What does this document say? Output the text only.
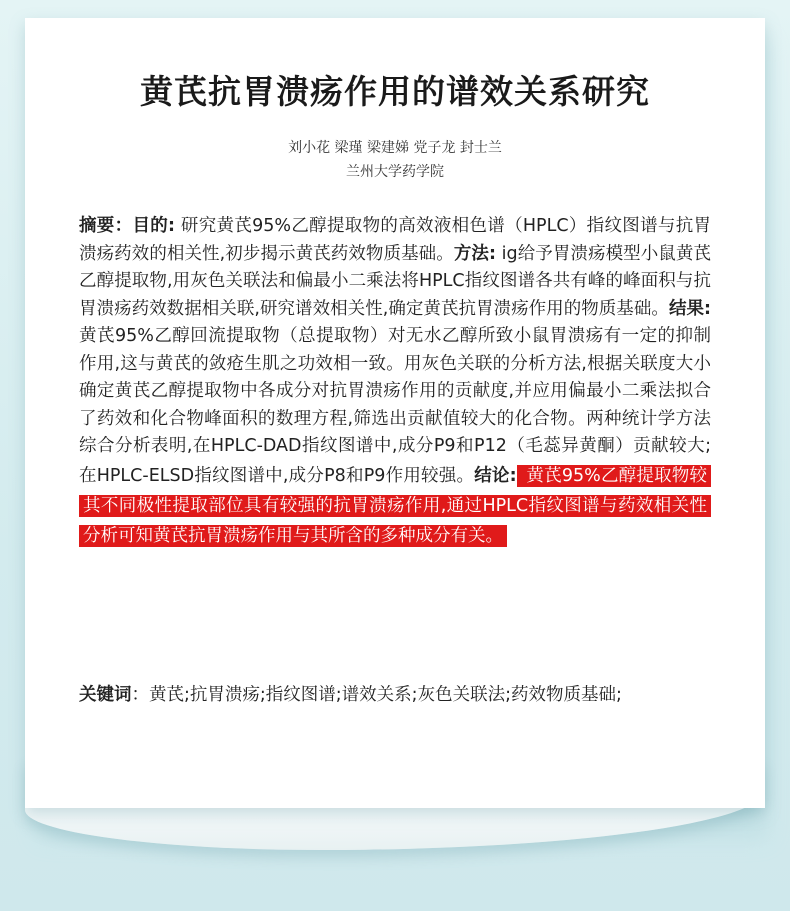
黄芪抗胃溃疡作用的谱效关系研究
刘小花 梁瑾 梁建娣 党子龙 封士兰
兰州大学药学院
摘要：目的: 研究黄芪95%乙醇提取物的高效液相色谱（HPLC）指纹图谱与抗胃溃疡药效的相关性,初步揭示黄芪药效物质基础。方法: ig给予胃溃疡模型小鼠黄芪乙醇提取物,用灰色关联法和偏最小二乘法将HPLC指纹图谱各共有峰的峰面积与抗胃溃疡药效数据相关联,研究谱效相关性,确定黄芪抗胃溃疡作用的物质基础。结果:黄芪95%乙醇回流提取物（总提取物）对无水乙醇所致小鼠胃溃疡有一定的抑制作用,这与黄芪的敛疮生肌之功效相一致。用灰色关联的分析方法,根据关联度大小确定黄芪乙醇提取物中各成分对抗胃溃疡作用的贡献度,并应用偏最小二乘法拟合了药效和化合物峰面积的数理方程,筛选出贡献值较大的化合物。两种统计学方法综合分析表明,在HPLC-DAD指纹图谱中,成分P9和P12（毛蕊异黄酮）贡献较大;在HPLC-ELSD指纹图谱中,成分P8和P9作用较强。结论: 黄芪95%乙醇提取物较其不同极性提取部位具有较强的抗胃溃疡作用,通过HPLC指纹图谱与药效相关性分析可知黄芪抗胃溃疡作用与其所含的多种成分有关。
关键词：黄芪;抗胃溃疡;指纹图谱;谱效关系;灰色关联法;药效物质基础;
